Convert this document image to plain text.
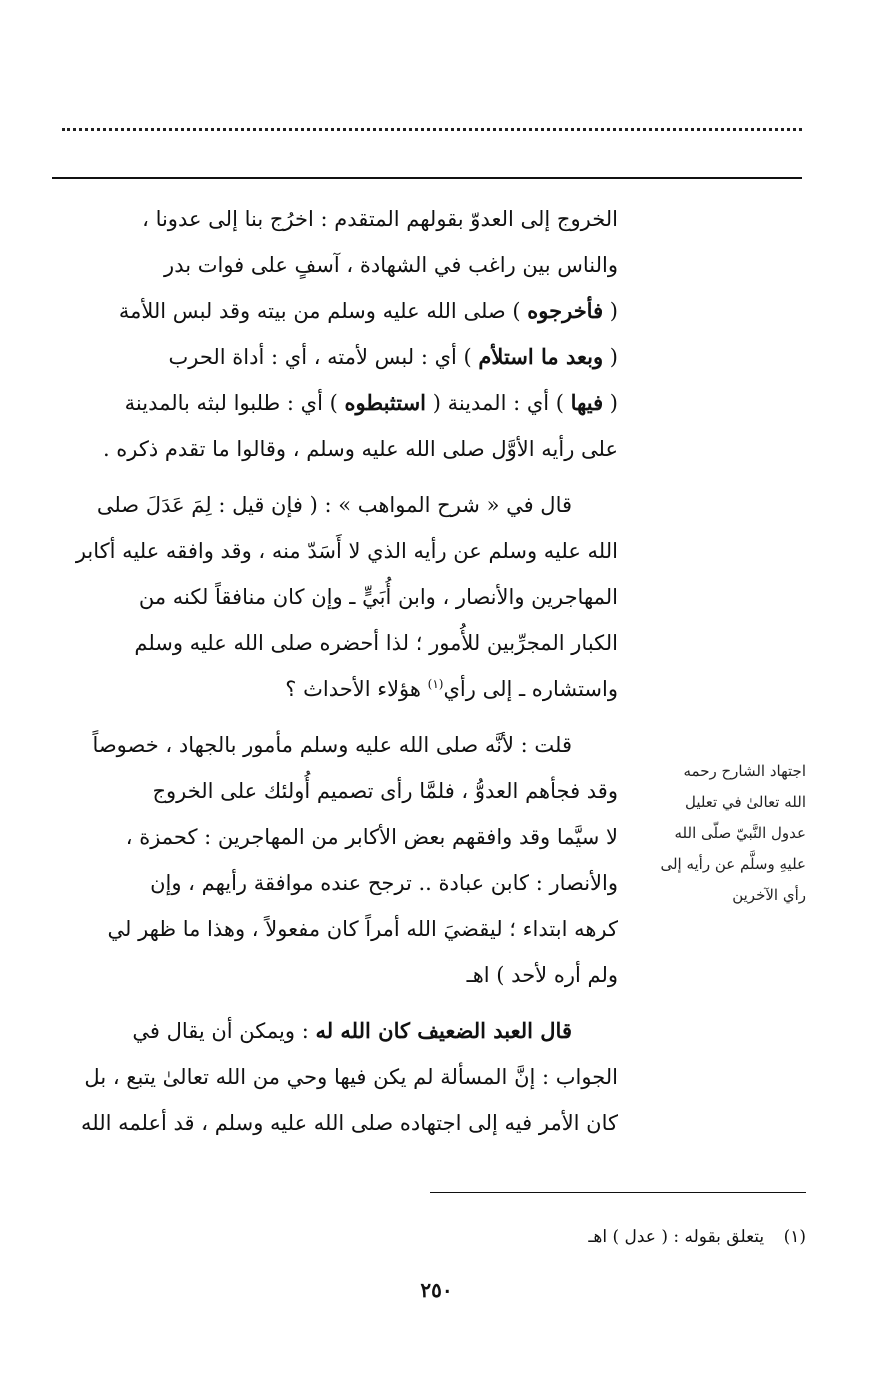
الخروج إلى العدوّ بقولهم المتقدم : اخرُج بنا إلى عدونا ،

والناس بين راغب في الشهادة ، آسفٍ على فوات بدر

( فأخرجوه ) صلى الله عليه وسلم من بيته وقد لبس اللأمة

( وبعد ما استلأم ) أي : لبس لأمته ، أي : أداة الحرب

( فيها ) أي : المدينة ( استثبطوه ) أي : طلبوا لبثه بالمدينة

على رأيه الأوَّل صلى الله عليه وسلم ، وقالوا ما تقدم ذكره .

قال في « شرح المواهب » : ( فإن قيل : لِمَ عَدَلَ صلى

الله عليه وسلم عن رأيه الذي لا أَسَدّ منه ، وقد وافقه عليه أكابر

المهاجرين والأنصار ، وابن أُبَيٍّ ـ وإن كان منافقاً لكنه من

الكبار المجرِّبين للأُمور ؛ لذا أحضره صلى الله عليه وسلم

واستشاره ـ إلى رأي$^{(١)}$ هؤلاء الأحداث ؟

قلت : لأنَّه صلى الله عليه وسلم مأمور بالجهاد ، خصوصاً

وقد فجأهم العدوُّ ، فلمَّا رأى تصميم أُولئك على الخروج

لا سيَّما وقد وافقهم بعض الأكابر من المهاجرين : كحمزة ،

والأنصار : كابن عبادة .. ترجح عنده موافقة رأيهم ، وإن

كرهه ابتداء ؛ ليقضيَ الله أمراً كان مفعولاً ، وهذا ما ظهر لي

ولم أره لأحد ) اهـ

قال العبد الضعيف كان الله له : ويمكن أن يقال في

الجواب : إنَّ المسألة لم يكن فيها وحي من الله تعالىٰ يتبع ، بل

كان الأمر فيه إلى اجتهاده صلى الله عليه وسلم ، قد أعلمه الله

اجتهاد الشارح رحمه
الله تعالىٰ في تعليل
عدول النَّبيّ صلّى الله
عليهِ وسلَّم عن رأيه إلى
رأي الآخرين
(١) يتعلق بقوله : ( عدل ) اهـ
٢٥٠
